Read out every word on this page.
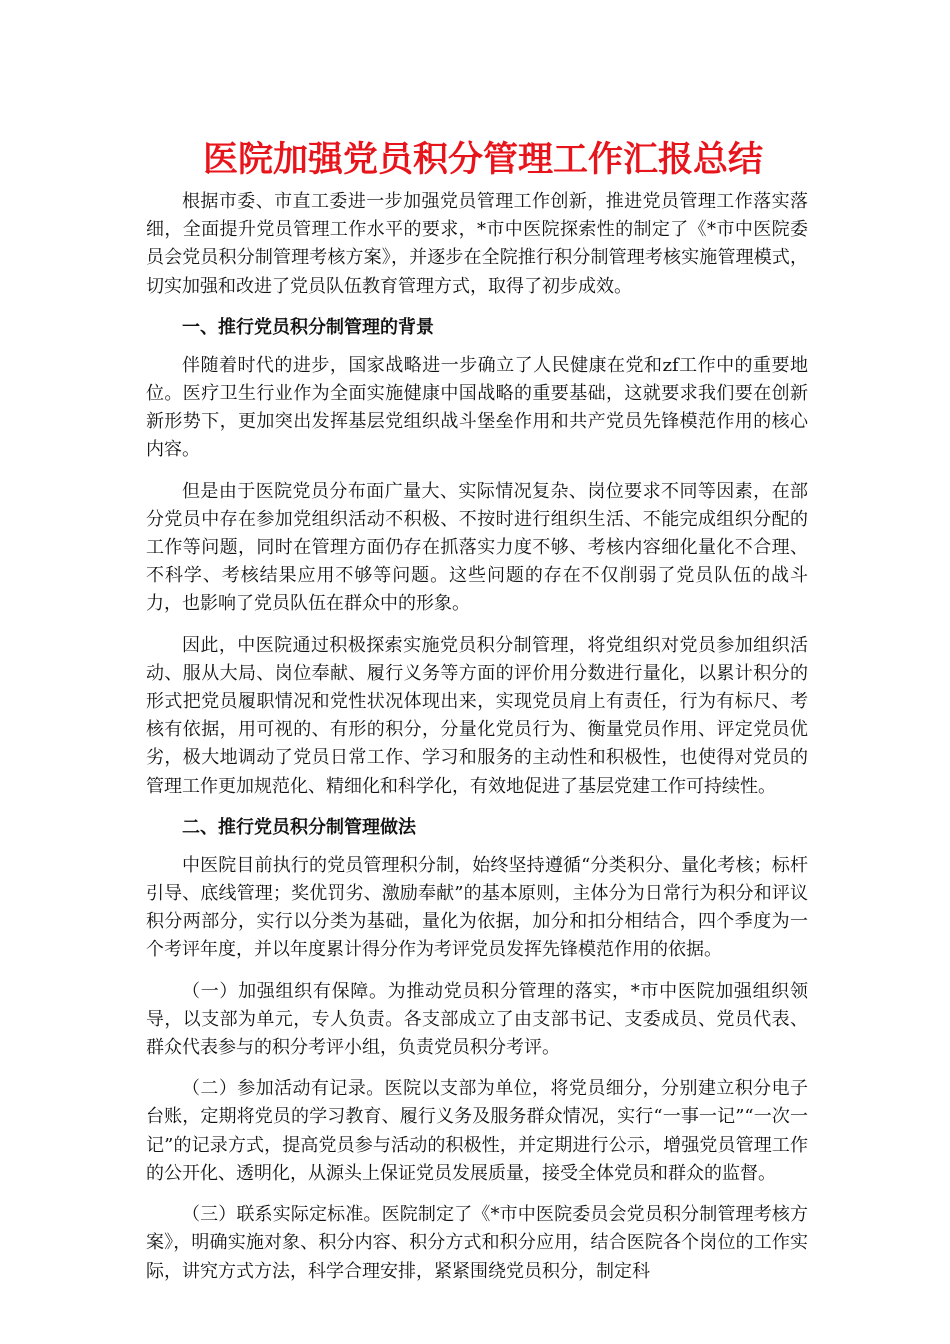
医院加强党员积分管理工作汇报总结

根据市委、市直工委进一步加强党员管理工作创新，推进党员管理工作落实落细，全面提升党员管理工作水平的要求，*市中医院探索性的制定了《*市中医院委员会党员积分制管理考核方案》，并逐步在全院推行积分制管理考核实施管理模式，切实加强和改进了党员队伍教育管理方式，取得了初步成效。

一、推行党员积分制管理的背景

伴随着时代的进步，国家战略进一步确立了人民健康在党和zf工作中的重要地位。医疗卫生行业作为全面实施健康中国战略的重要基础，这就要求我们要在创新新形势下，更加突出发挥基层党组织战斗堡垒作用和共产党员先锋模范作用的核心内容。

但是由于医院党员分布面广量大、实际情况复杂、岗位要求不同等因素，在部分党员中存在参加党组织活动不积极、不按时进行组织生活、不能完成组织分配的工作等问题，同时在管理方面仍存在抓落实力度不够、考核内容细化量化不合理、不科学、考核结果应用不够等问题。这些问题的存在不仅削弱了党员队伍的战斗力，也影响了党员队伍在群众中的形象。

因此，中医院通过积极探索实施党员积分制管理，将党组织对党员参加组织活动、服从大局、岗位奉献、履行义务等方面的评价用分数进行量化，以累计积分的形式把党员履职情况和党性状况体现出来，实现党员肩上有责任，行为有标尺、考核有依据，用可视的、有形的积分，分量化党员行为、衡量党员作用、评定党员优劣，极大地调动了党员日常工作、学习和服务的主动性和积极性，也使得对党员的管理工作更加规范化、精细化和科学化，有效地促进了基层党建工作可持续性。

二、推行党员积分制管理做法

中医院目前执行的党员管理积分制，始终坚持遵循“分类积分、量化考核；标杆引导、底线管理；奖优罚劣、激励奉献”的基本原则，主体分为日常行为积分和评议积分两部分，实行以分类为基础，量化为依据，加分和扣分相结合，四个季度为一个考评年度，并以年度累计得分作为考评党员发挥先锋模范作用的依据。

（一）加强组织有保障。为推动党员积分管理的落实，*市中医院加强组织领导，以支部为单元，专人负责。各支部成立了由支部书记、支委成员、党员代表、群众代表参与的积分考评小组，负责党员积分考评。

（二）参加活动有记录。医院以支部为单位，将党员细分，分别建立积分电子台账，定期将党员的学习教育、履行义务及服务群众情况，实行“一事一记”“一次一记”的记录方式，提高党员参与活动的积极性，并定期进行公示，增强党员管理工作的公开化、透明化，从源头上保证党员发展质量，接受全体党员和群众的监督。

（三）联系实际定标准。医院制定了《*市中医院委员会党员积分制管理考核方案》，明确实施对象、积分内容、积分方式和积分应用，结合医院各个岗位的工作实际，讲究方式方法，科学合理安排，紧紧围绕党员积分，制定科
